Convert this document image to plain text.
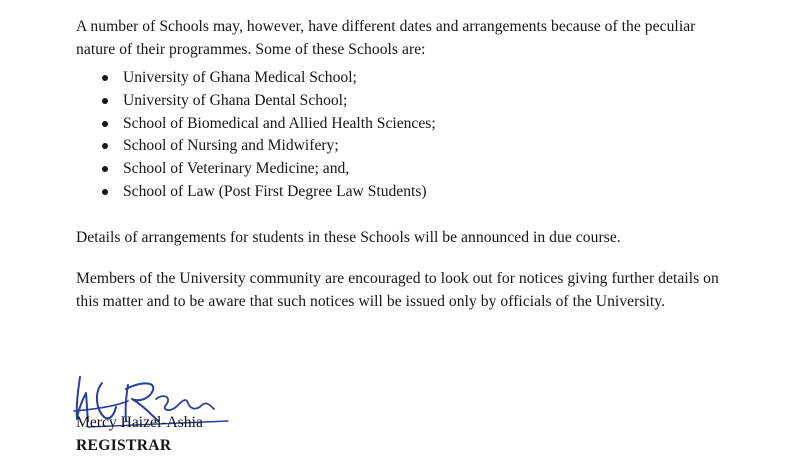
A number of Schools may, however, have different dates and arrangements because of the peculiar nature of their programmes. Some of these Schools are:

University of Ghana Medical School;
University of Ghana Dental School;
School of Biomedical and Allied Health Sciences;
School of Nursing and Midwifery;
School of Veterinary Medicine; and,
School of Law (Post First Degree Law Students)

Details of arrangements for students in these Schools will be announced in due course.

Members of the University community are encouraged to look out for notices giving further details on this matter and to be aware that such notices will be issued only by officials of the University.

Mercy Haizel-Ashia
REGISTRAR
